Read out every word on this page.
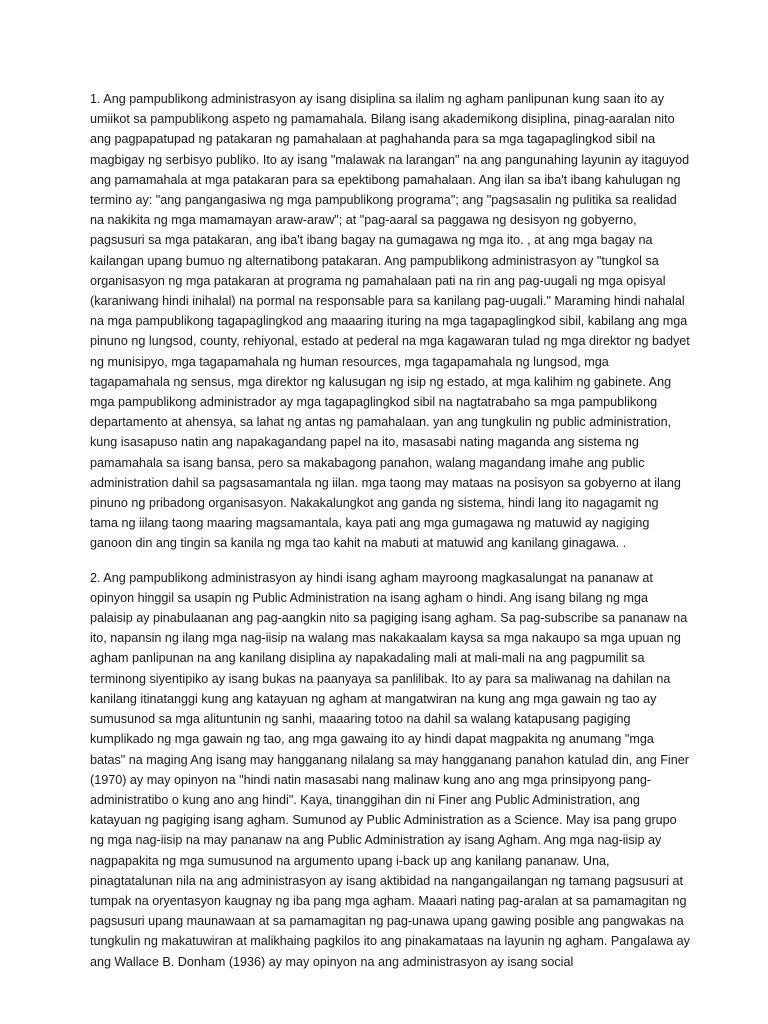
1. Ang pampublikong administrasyon ay isang disiplina sa ilalim ng agham panlipunan kung saan ito ay umiikot sa pampublikong aspeto ng pamamahala. Bilang isang akademikong disiplina, pinag-aaralan nito ang pagpapatupad ng patakaran ng pamahalaan at paghahanda para sa mga tagapaglingkod sibil na magbigay ng serbisyo publiko. Ito ay isang "malawak na larangan" na ang pangunahing layunin ay itaguyod ang pamamahala at mga patakaran para sa epektibong pamahalaan. Ang ilan sa iba't ibang kahulugan ng termino ay: "ang pangangasiwa ng mga pampublikong programa"; ang "pagsasalin ng pulitika sa realidad na nakikita ng mga mamamayan araw-araw"; at "pag-aaral sa paggawa ng desisyon ng gobyerno, pagsusuri sa mga patakaran, ang iba't ibang bagay na gumagawa ng mga ito. , at ang mga bagay na kailangan upang bumuo ng alternatibong patakaran. Ang pampublikong administrasyon ay "tungkol sa organisasyon ng mga patakaran at programa ng pamahalaan pati na rin ang pag-uugali ng mga opisyal (karaniwang hindi inihalal) na pormal na responsable para sa kanilang pag-uugali." Maraming hindi nahalal na mga pampublikong tagapaglingkod ang maaaring ituring na mga tagapaglingkod sibil, kabilang ang mga pinuno ng lungsod, county, rehiyonal, estado at pederal na mga kagawaran tulad ng mga direktor ng badyet ng munisipyo, mga tagapamahala ng human resources, mga tagapamahala ng lungsod, mga tagapamahala ng sensus, mga direktor ng kalusugan ng isip ng estado, at mga kalihim ng gabinete. Ang mga pampublikong administrador ay mga tagapaglingkod sibil na nagtatrabaho sa mga pampublikong departamento at ahensya, sa lahat ng antas ng pamahalaan. yan ang tungkulin ng public administration, kung isasapuso natin ang napakagandang papel na ito, masasabi nating maganda ang sistema ng pamamahala sa isang bansa, pero sa makabagong panahon, walang magandang imahe ang public administration dahil sa pagsasamantala ng iilan. mga taong may mataas na posisyon sa gobyerno at ilang pinuno ng pribadong organisasyon. Nakakalungkot ang ganda ng sistema, hindi lang ito nagagamit ng tama ng iilang taong maaring magsamantala, kaya pati ang mga gumagawa ng matuwid ay nagiging ganoon din ang tingin sa kanila ng mga tao kahit na mabuti at matuwid ang kanilang ginagawa. .

2. Ang pampublikong administrasyon ay hindi isang agham mayroong magkasalungat na pananaw at opinyon hinggil sa usapin ng Public Administration na isang agham o hindi. Ang isang bilang ng mga palaisip ay pinabulaanan ang pag-aangkin nito sa pagiging isang agham. Sa pag-subscribe sa pananaw na ito, napansin ng ilang mga nag-iisip na walang mas nakakaalam kaysa sa mga nakaupo sa mga upuan ng agham panlipunan na ang kanilang disiplina ay napakadaling mali at mali-mali na ang pagpumilit sa terminong siyentipiko ay isang bukas na paanyaya sa panlilibak. Ito ay para sa maliwanag na dahilan na kanilang itinatanggi kung ang katayuan ng agham at mangatwiran na kung ang mga gawain ng tao ay sumusunod sa mga alituntunin ng sanhi, maaaring totoo na dahil sa walang katapusang pagiging kumplikado ng mga gawain ng tao, ang mga gawaing ito ay hindi dapat magpakita ng anumang "mga batas" na maging Ang isang may hangganang nilalang sa may hangganang panahon katulad din, ang Finer (1970) ay may opinyon na "hindi natin masasabi nang malinaw kung ano ang mga prinsipyong pang-administratibo o kung ano ang hindi". Kaya, tinanggihan din ni Finer ang Public Administration, ang katayuan ng pagiging isang agham. Sumunod ay Public Administration as a Science. May isa pang grupo ng mga nag-iisip na may pananaw na ang Public Administration ay isang Agham. Ang mga nag-iisip ay nagpapakita ng mga sumusunod na argumento upang i-back up ang kanilang pananaw. Una, pinagtatalunan nila na ang administrasyon ay isang aktibidad na nangangailangan ng tamang pagsusuri at tumpak na oryentasyon kaugnay ng iba pang mga agham. Maaari nating pag-aralan at sa pamamagitan ng pagsusuri upang maunawaan at sa pamamagitan ng pag-unawa upang gawing posible ang pangwakas na tungkulin ng makatuwiran at malikhaing pagkilos ito ang pinakamataas na layunin ng agham. Pangalawa ay ang Wallace B. Donham (1936) ay may opinyon na ang administrasyon ay isang social
